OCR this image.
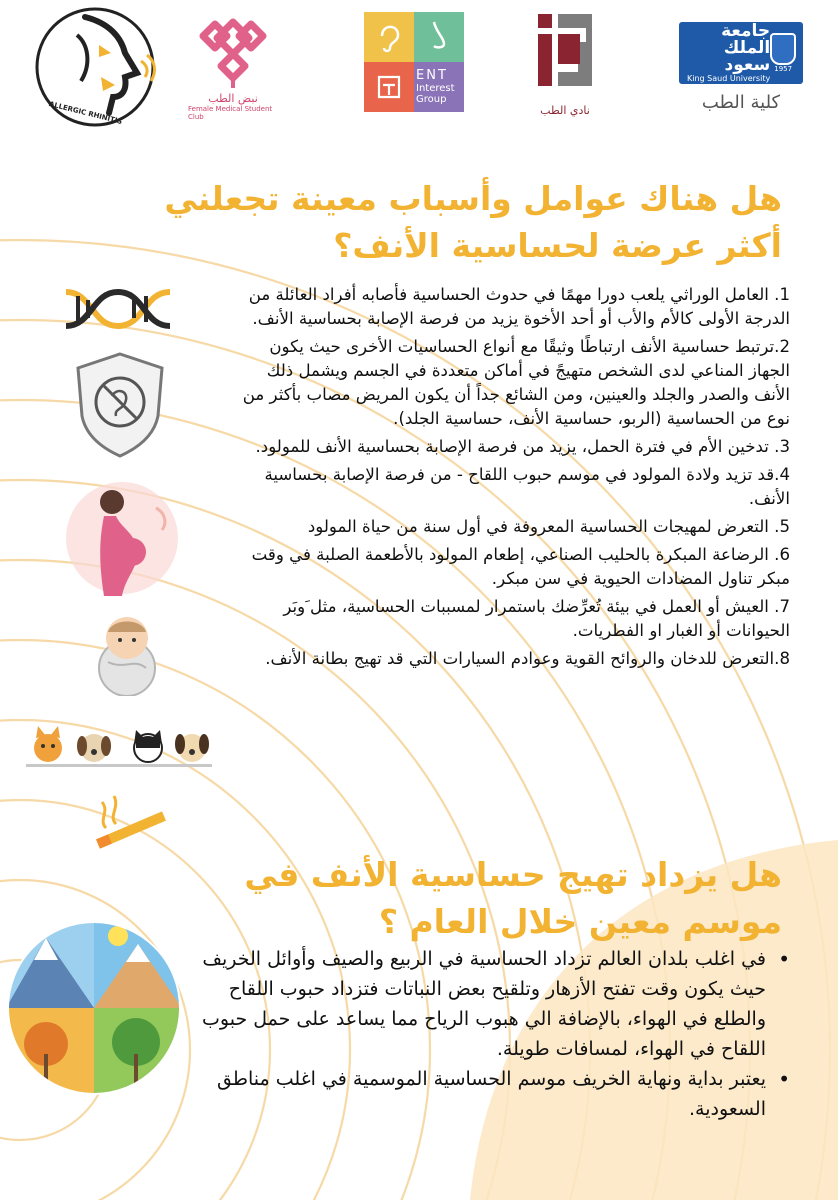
جامعة الملك سعود
King Saud University
1957
كلية الطب
نادي الطب
ENT
Interest
Group
نبض الطب
Female Medical Student Club
ALLERGIC RHINITIS
هل هناك عوامل وأسباب معينة تجعلني أكثر عرضة لحساسية الأنف؟
1. العامل الوراثي يلعب دورا مهمًا في حدوث الحساسية فأصابه أفراد العائلة من الدرجة الأولى كالأم والأب أو أحد الأخوة يزيد من فرصة الإصابة بحساسية الأنف.
2.ترتبط حساسية الأنف ارتباطًا وثيقًا مع أنواع الحساسيات الأخرى حيث يكون الجهاز المناعي لدى الشخص متهيجً في أماكن متعددة في الجسم ويشمل ذلك الأنف والصدر والجلد والعينين، ومن الشائع جداً أن يكون المريض مصاب بأكثر من نوع من الحساسية (الربو، حساسية الأنف، حساسية الجلد).
3. تدخين الأم في فترة الحمل، يزيد من فرصة الإصابة بحساسية الأنف للمولود.
4.قد تزيد ولادة المولود في موسم حبوب اللقاح - من فرصة الإصابة بحساسية الأنف.
5. التعرض لمهيجات الحساسية المعروفة في أول سنة من حياة المولود
6. الرضاعة المبكرة بالحليب الصناعي، إطعام المولود بالأطعمة الصلبة في وقت مبكر تناول المضادات الحيوية في سن مبكر.
7. العيش أو العمل في بيئة تُعرِّضك باستمرار لمسببات الحساسية، مثل َوبَر الحيوانات أو الغبار او الفطريات.
8.التعرض للدخان والروائح القوية وعوادم السيارات التي قد تهيج بطانة الأنف.
هل يزداد تهيج حساسية الأنف في موسم معين خلال العام ؟
• في اغلب بلدان العالم تزداد الحساسية في الربيع والصيف وأوائل الخريف حيث يكون وقت تفتح الأزهار وتلقيح بعض النباتات فتزداد حبوب اللقاح والطلع في الهواء، بالإضافة الي هبوب الرياح مما يساعد على حمل حبوب اللقاح في الهواء، لمسافات طويلة.
• يعتبر بداية ونهاية الخريف موسم الحساسية الموسمية في اغلب مناطق السعودية.
